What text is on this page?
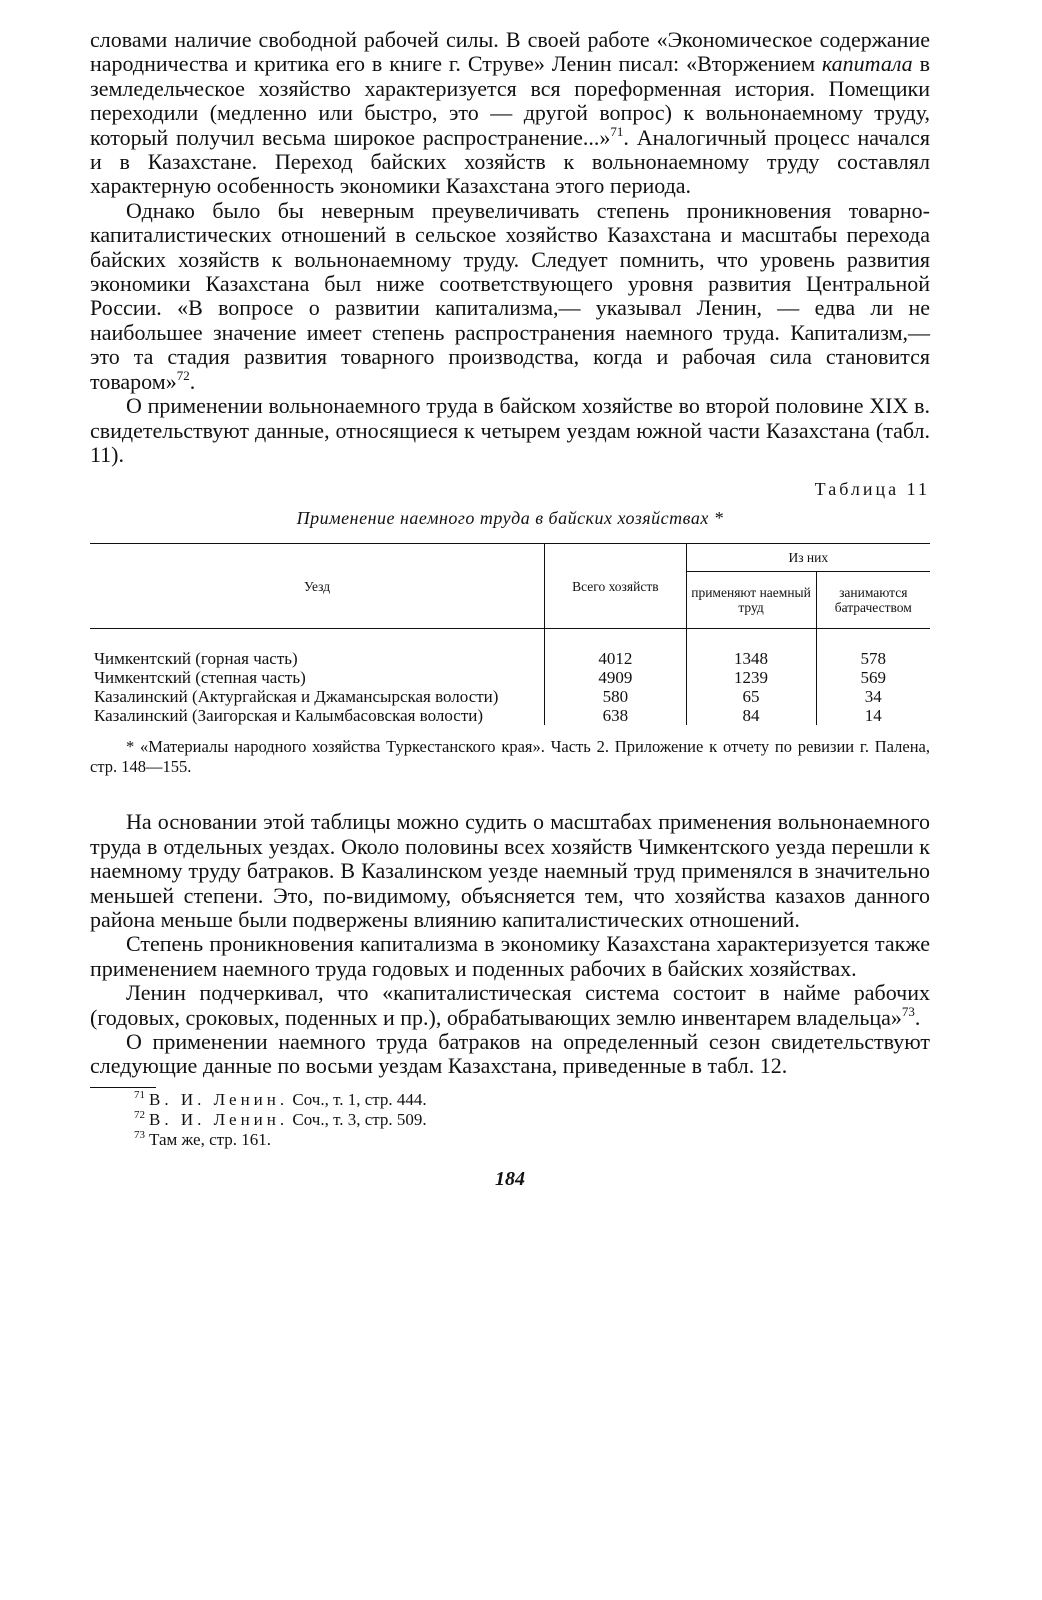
словами наличие свободной рабочей силы. В своей работе «Экономическое содержание народничества и критика его в книге г. Струве» Ленин писал: «Вторжением капитала в земледельческое хозяйство характеризуется вся пореформенная история. Помещики переходили (медленно или быстро, это — другой вопрос) к вольнонаемному труду, который получил весьма широкое распространение...»$^{71}$. Аналогичный процесс начался и в Казахстане. Переход байских хозяйств к вольнонаемному труду составлял характерную особенность экономики Казахстана этого периода.

Однако было бы неверным преувеличивать степень проникновения товарно-капиталистических отношений в сельское хозяйство Казахстана и масштабы перехода байских хозяйств к вольнонаемному труду. Следует помнить, что уровень развития экономики Казахстана был ниже соответствующего уровня развития Центральной России. «В вопросе о развитии капитализма,— указывал Ленин, — едва ли не наибольшее значение имеет степень распространения наемного труда. Капитализм,— это та стадия развития товарного производства, когда и рабочая сила становится товаром»$^{72}$.

О применении вольнонаемного труда в байском хозяйстве во второй половине XIX в. свидетельствуют данные, относящиеся к четырем уездам южной части Казахстана (табл. 11).

Таблица 11
Применение наемного труда в байских хозяйствах *
Уезд	Всего хозяйств	Из них	
		применяют наемный труд	занимаются батрачеством
Чимкентский (горная часть)	4012	1348	578
Чимкентский (степная часть)	4909	1239	569
Казалинский (Актургайская и Джамансырская волости)	580	65	34
Казалинский (Заигорская и Калымбасовская волости)	638	84	14
* «Материалы народного хозяйства Туркестанского края». Часть 2. Приложение к отчету по ревизии г. Палена, стр. 148—155.

На основании этой таблицы можно судить о масштабах применения вольнонаемного труда в отдельных уездах. Около половины всех хозяйств Чимкентского уезда перешли к наемному труду батраков. В Казалинском уезде наемный труд применялся в значительно меньшей степени. Это, по-видимому, объясняется тем, что хозяйства казахов данного района меньше были подвержены влиянию капиталистических отношений.

Степень проникновения капитализма в экономику Казахстана характеризуется также применением наемного труда годовых и поденных рабочих в байских хозяйствах.

Ленин подчеркивал, что «капиталистическая система состоит в найме рабочих (годовых, сроковых, поденных и пр.), обрабатывающих землю инвентарем владельца»$^{73}$.

О применении наемного труда батраков на определенный сезон свидетельствуют следующие данные по восьми уездам Казахстана, приведенные в табл. 12.

$^{71}$ В. И. Ленин. Соч., т. 1, стр. 444.
$^{72}$ В. И. Ленин. Соч., т. 3, стр. 509.
$^{73}$ Там же, стр. 161.
184
